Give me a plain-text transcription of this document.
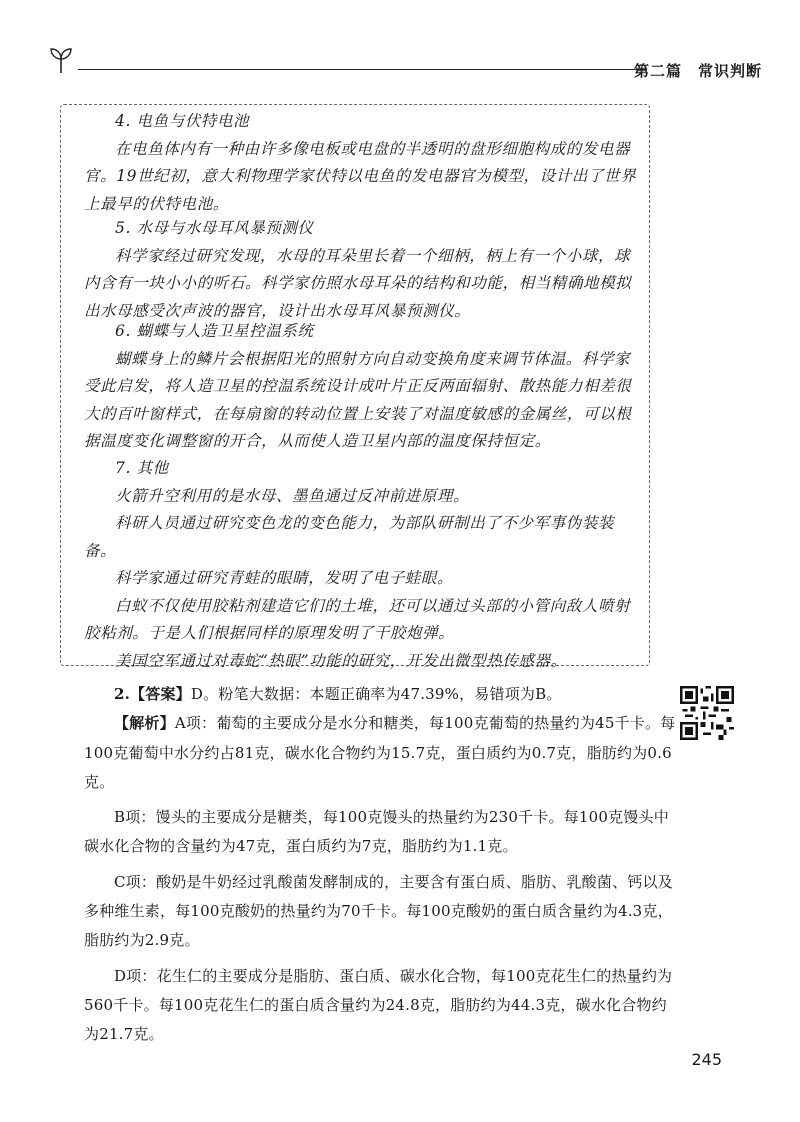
第二篇　常识判断

4. 电鱼与伏特电池

在电鱼体内有一种由许多像电板或电盘的半透明的盘形细胞构成的发电器官。19世纪初，意大利物理学家伏特以电鱼的发电器官为模型，设计出了世界上最早的伏特电池。

5. 水母与水母耳风暴预测仪

科学家经过研究发现，水母的耳朵里长着一个细柄，柄上有一个小球，球内含有一块小小的听石。科学家仿照水母耳朵的结构和功能，相当精确地模拟出水母感受次声波的器官，设计出水母耳风暴预测仪。

6. 蝴蝶与人造卫星控温系统

蝴蝶身上的鳞片会根据阳光的照射方向自动变换角度来调节体温。科学家受此启发，将人造卫星的控温系统设计成叶片正反两面辐射、散热能力相差很大的百叶窗样式，在每扇窗的转动位置上安装了对温度敏感的金属丝，可以根据温度变化调整窗的开合，从而使人造卫星内部的温度保持恒定。

7. 其他

火箭升空利用的是水母、墨鱼通过反冲前进原理。

科研人员通过研究变色龙的变色能力，为部队研制出了不少军事伪装装备。

科学家通过研究青蛙的眼睛，发明了电子蛙眼。

白蚁不仅使用胶粘剂建造它们的土堆，还可以通过头部的小管向敌人喷射胶粘剂。于是人们根据同样的原理发明了干胶炮弹。

美国空军通过对毒蛇“热眼”功能的研究，开发出微型热传感器。

2.【答案】D。粉笔大数据：本题正确率为47.39%，易错项为B。

【解析】A项：葡萄的主要成分是水分和糖类，每100克葡萄的热量约为45千卡。每100克葡萄中水分约占81克，碳水化合物约为15.7克，蛋白质约为0.7克，脂肪约为0.6克。

B项：馒头的主要成分是糖类，每100克馒头的热量约为230千卡。每100克馒头中碳水化合物的含量约为47克，蛋白质约为7克，脂肪约为1.1克。

C项：酸奶是牛奶经过乳酸菌发酵制成的，主要含有蛋白质、脂肪、乳酸菌、钙以及多种维生素，每100克酸奶的热量约为70千卡。每100克酸奶的蛋白质含量约为4.3克，脂肪约为2.9克。

D项：花生仁的主要成分是脂肪、蛋白质、碳水化合物，每100克花生仁的热量约为560千卡。每100克花生仁的蛋白质含量约为24.8克，脂肪约为44.3克，碳水化合物约为21.7克。

245
